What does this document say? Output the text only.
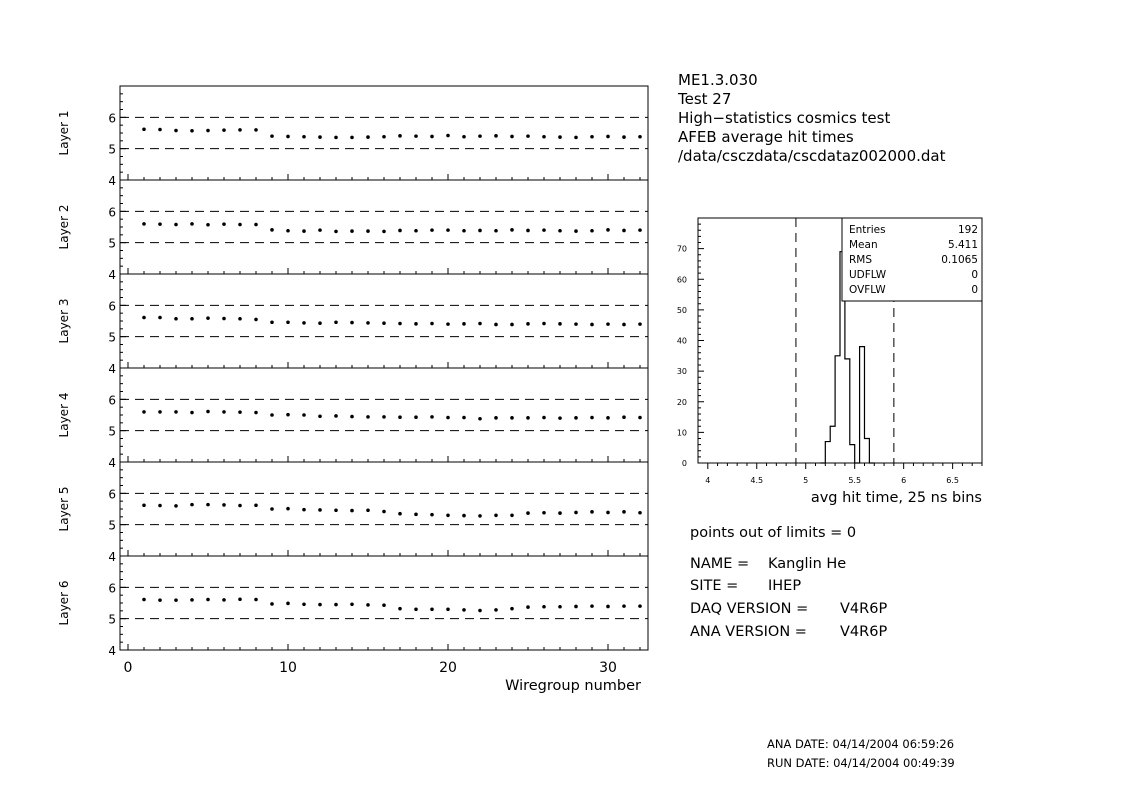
4
5
6
Layer 1
4
5
6
Layer 2
4
5
6
Layer 3
4
5
6
Layer 4
4
5
6
Layer 5
4
5
6
Layer 6
0	10	20	30
Wiregroup number
0
10
20
30
40
50
60
70
4	4.5	5	5.5	6	6.5
avg hit time, 25 ns bins
Entries	192
Mean	5.411
RMS	0.1065
UDFLW	0
OVFLW	0
ME1.3.030
Test 27
High−statistics cosmics test
AFEB average hit times
/data/csczdata/cscdataz002000.dat
points out of limits = 0
NAME = Kanglin He
SITE = IHEP
DAQ VERSION = V4R6P
ANA VERSION = V4R6P
ANA DATE: 04/14/2004 06:59:26
RUN DATE: 04/14/2004 00:49:39
